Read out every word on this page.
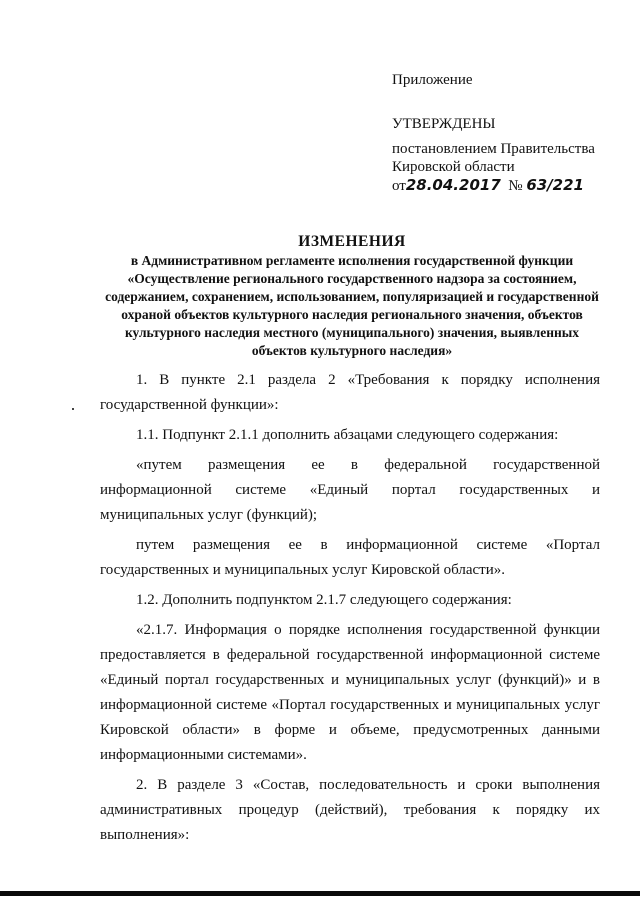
Приложение
УТВЕРЖДЕНЫ
постановлением Правительства
Кировской области
от28.04.2017 № 63/221
ИЗМЕНЕНИЯ
в Административном регламенте исполнения государственной функции «Осуществление регионального государственного надзора за состоянием, содержанием, сохранением, использованием, популяризацией и государственной охраной объектов культурного наследия регионального значения, объектов культурного наследия местного (муниципального) значения, выявленных объектов культурного наследия»

1. В пункте 2.1 раздела 2 «Требования к порядку исполнения государственной функции»:

1.1. Подпункт 2.1.1 дополнить абзацами следующего содержания:

«путем размещения ее в федеральной государственной информационной системе «Единый портал государственных и муниципальных услуг (функций);

путем размещения ее в информационной системе «Портал государственных и муниципальных услуг Кировской области».

1.2. Дополнить подпунктом 2.1.7 следующего содержания:

«2.1.7. Информация о порядке исполнения государственной функции предоставляется в федеральной государственной информационной системе «Единый портал государственных и муниципальных услуг (функций)» и в информационной системе «Портал государственных и муниципальных услуг Кировской области» в форме и объеме, предусмотренных данными информационными системами».

2. В разделе 3 «Состав, последовательность и сроки выполнения административных процедур (действий), требования к порядку их выполнения»:
